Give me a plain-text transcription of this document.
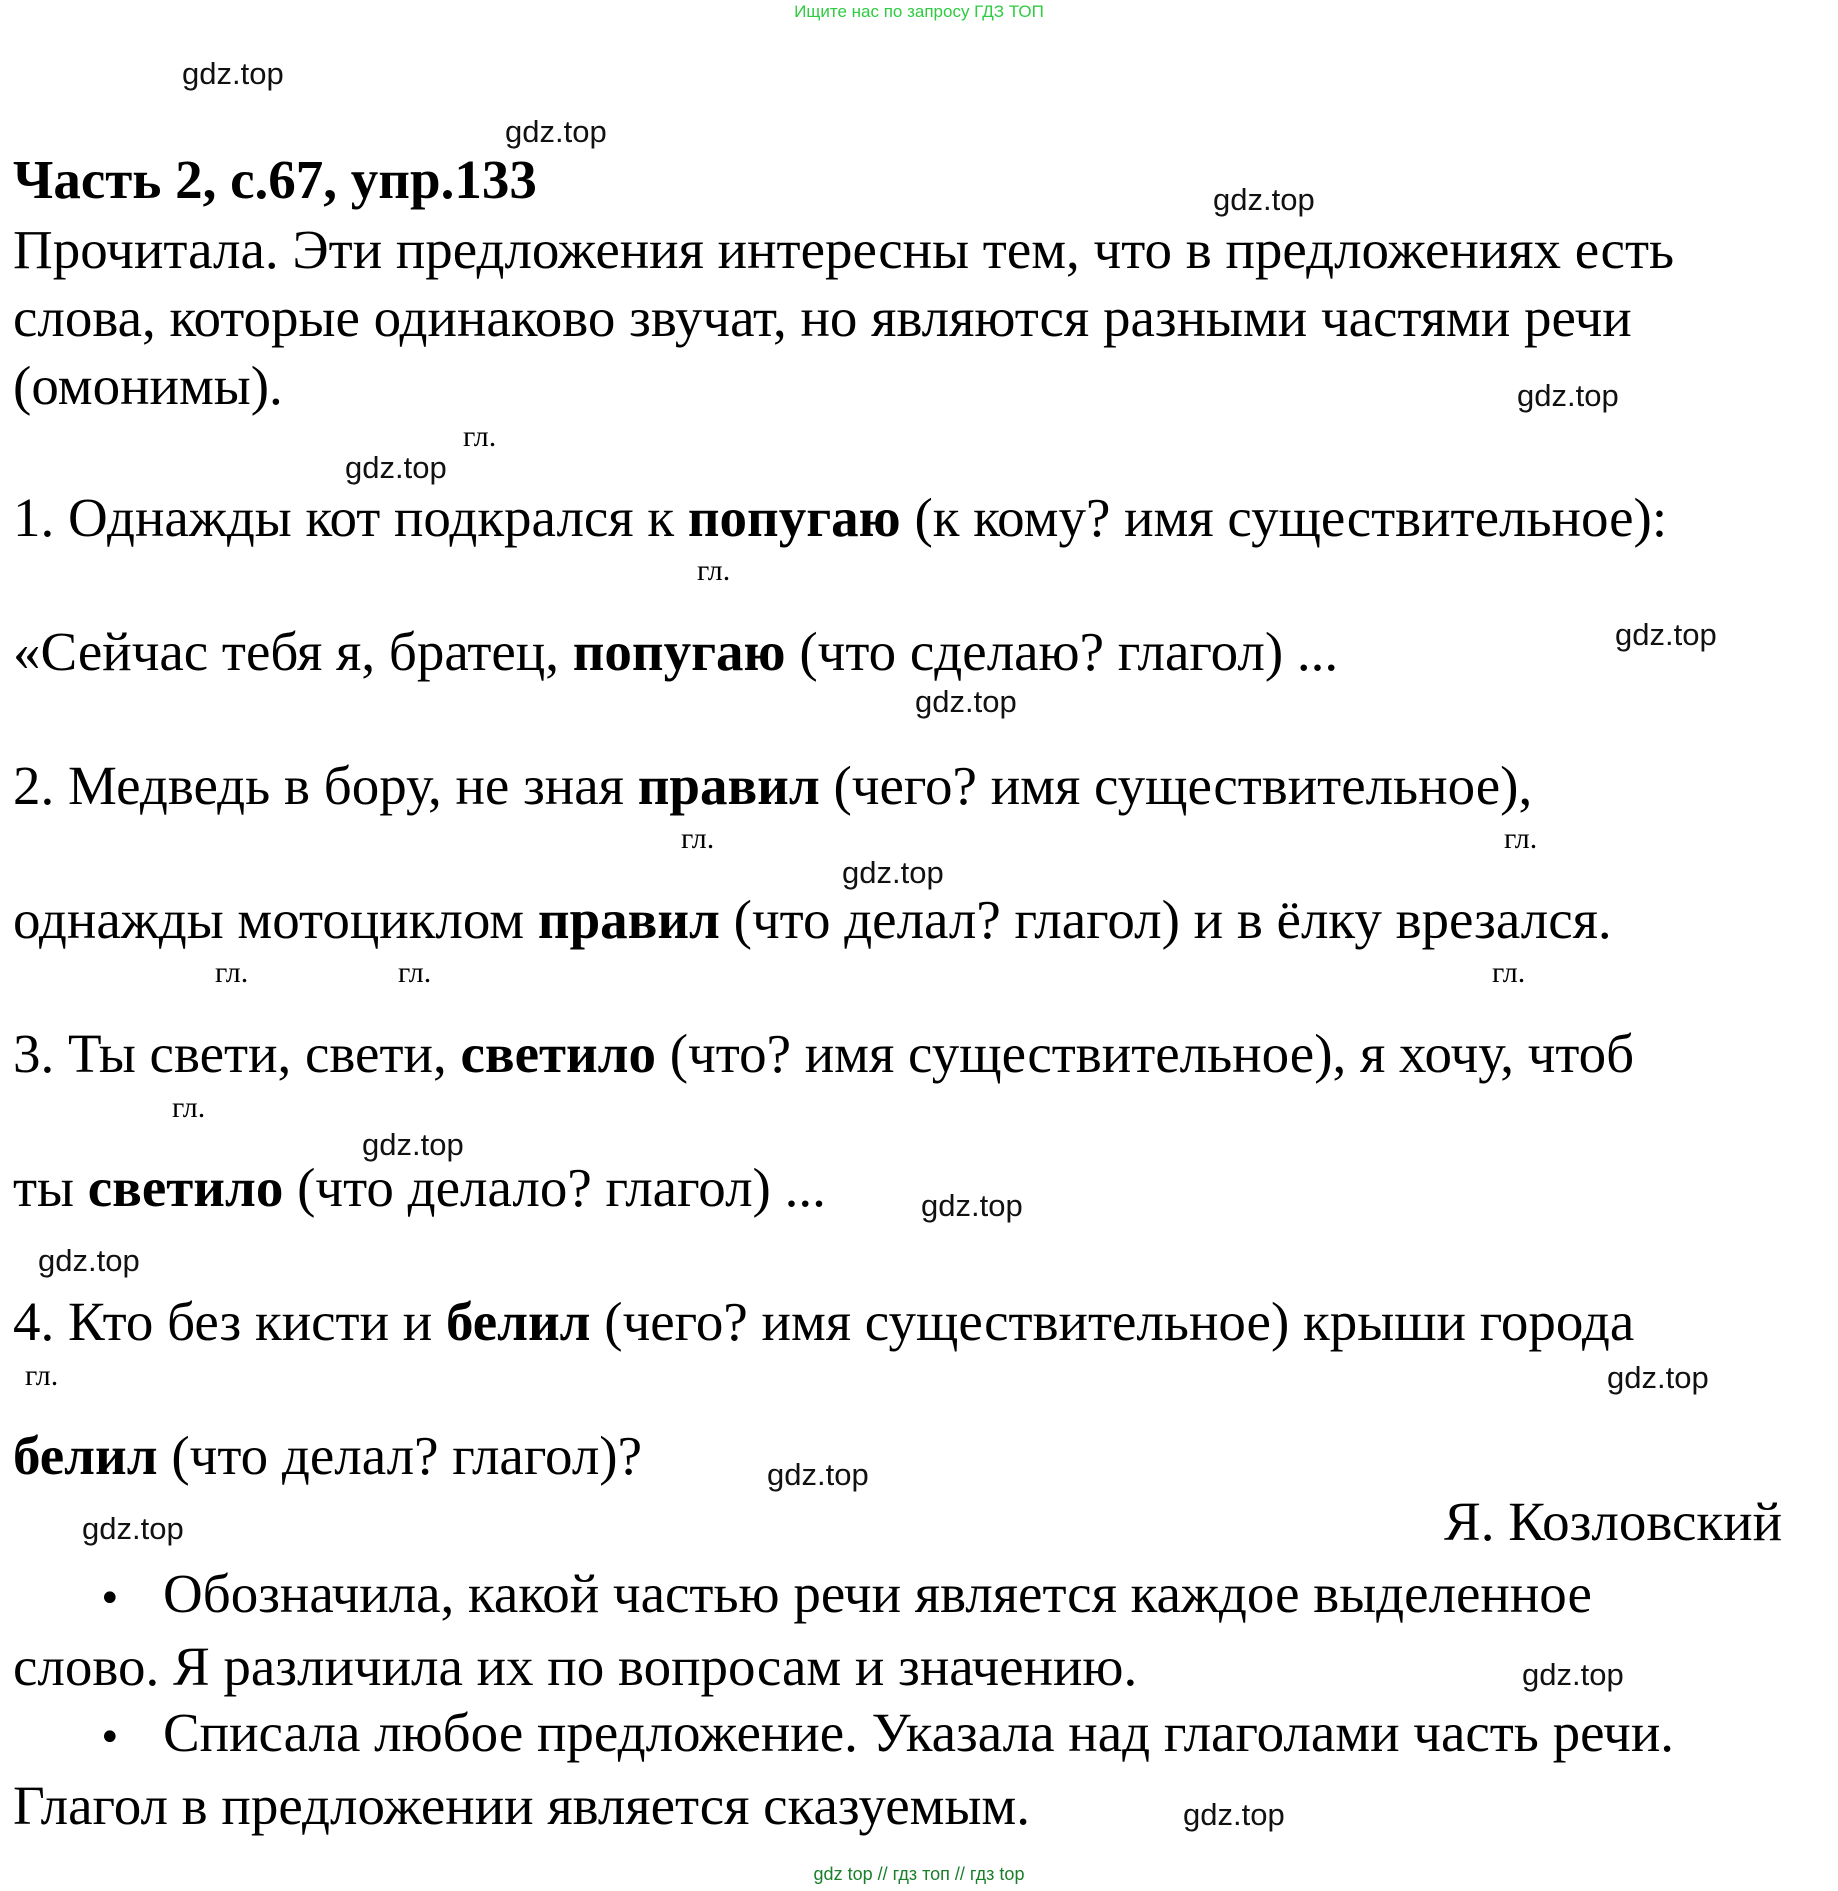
Ищите нас по запросу ГДЗ ТОП
gdz.top
gdz.top
gdz.top
gdz.top
gdz.top
gdz.top
gdz.top
gdz.top
gdz.top
gdz.top
gdz.top
gdz.top
gdz.top
gdz.top
gdz.top
gdz.top
Часть 2, с.67, упр.133
Прочитала. Эти предложения интересны тем, что в предложениях есть слова, которые одинаково звучат, но являются разными частями речи (омонимы).
гл.
гл.
гл.	гл.
гл.	гл.	гл.
гл.
гл.
1. Однажды кот подкрался к попугаю (к кому? имя существительное):
«Сейчас тебя я, братец, попугаю (что сделаю? глагол) ...
2. Медведь в бору, не зная правил (чего? имя существительное),
однажды мотоциклом правил (что делал? глагол) и в ёлку врезался.
3. Ты свети, свети, светило (что? имя существительное), я хочу, чтоб
ты светило (что делало? глагол) ...
4. Кто без кисти и белил (чего? имя существительное) крыши города
белил (что делал? глагол)?
Я. Козловский
• Обозначила, какой частью речи является каждое выделенное
слово. Я различила их по вопросам и значению.
• Списала любое предложение. Указала над глаголами часть речи.
Глагол в предложении является сказуемым.
gdz top // гдз топ // гдз top
